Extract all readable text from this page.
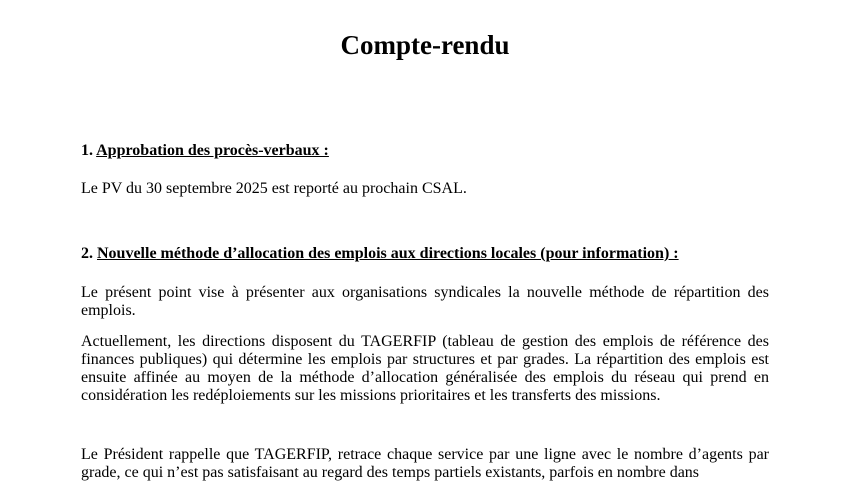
Compte-rendu

1. Approbation des procès-verbaux :

Le PV du 30 septembre 2025 est reporté au prochain CSAL.

2. Nouvelle méthode d’allocation des emplois aux directions locales (pour information) :

Le présent point vise à présenter aux organisations syndicales la nouvelle méthode de répartition des emplois.

Actuellement, les directions disposent du TAGERFIP (tableau de gestion des emplois de référence des finances publiques) qui détermine les emplois par structures et par grades. La répartition des emplois est ensuite affinée au moyen de la méthode d’allocation généralisée des emplois du réseau qui prend en considération les redéploiements sur les missions prioritaires et les transferts des missions.

Le Président rappelle que TAGERFIP, retrace chaque service par une ligne avec le nombre d’agents par grade, ce qui n’est pas satisfaisant au regard des temps partiels existants, parfois en nombre dans
